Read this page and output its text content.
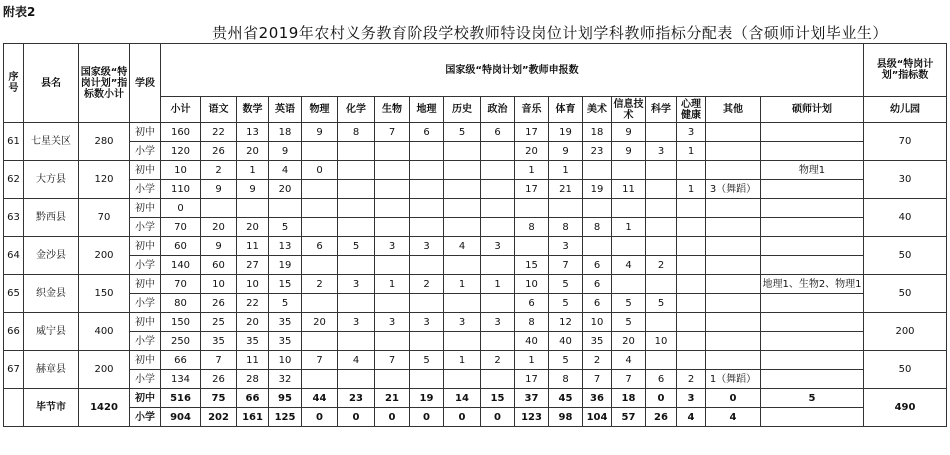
附表2
贵州省2019年农村义务教育阶段学校教师特设岗位计划学科教师指标分配表（含硕师计划毕业生）
序号	县名	国家级“特岗计划”指标数小计	学段	国家级“特岗计划”教师申报数																		县级“特岗计划”指标数
				小计	语文	数学	英语	物理	化学	生物	地理	历史	政治	音乐	体育	美术	信息技术	科学	心理健康	其他	硕师计划	幼儿园
61	七星关区	280	初中	160	22	13	18	9	8	7	6	5	6	17	19	18	9		3			70
			小学	120	26	20	9							20	9	23	9	3	1			
62	大方县	120	初中	10	2	1	4	0						1	1						物理1	30
			小学	110	9	9	20							17	21	19	11		1	3（舞蹈）		
63	黔西县	70	初中	0																		40
			小学	70	20	20	5							8	8	8	1					
64	金沙县	200	初中	60	9	11	13	6	5	3	3	4	3		3							50
			小学	140	60	27	19							15	7	6	4	2				
65	织金县	150	初中	70	10	10	15	2	3	1	2	1	1	10	5	6					地理1、生物2、物理1	50
			小学	80	26	22	5							6	5	6	5	5				
66	威宁县	400	初中	150	25	20	35	20	3	3	3	3	3	8	12	10	5					200
			小学	250	35	35	35							40	40	35	20	10				
67	赫章县	200	初中	66	7	11	10	7	4	7	5	1	2	1	5	2	4					50
			小学	134	26	28	32							17	8	7	7	6	2	1（舞蹈）		
	毕节市	1420	初中	516	75	66	95	44	23	21	19	14	15	37	45	36	18	0	3	0	5	490
			小学	904	202	161	125	0	0	0	0	0	0	123	98	104	57	26	4	4		
